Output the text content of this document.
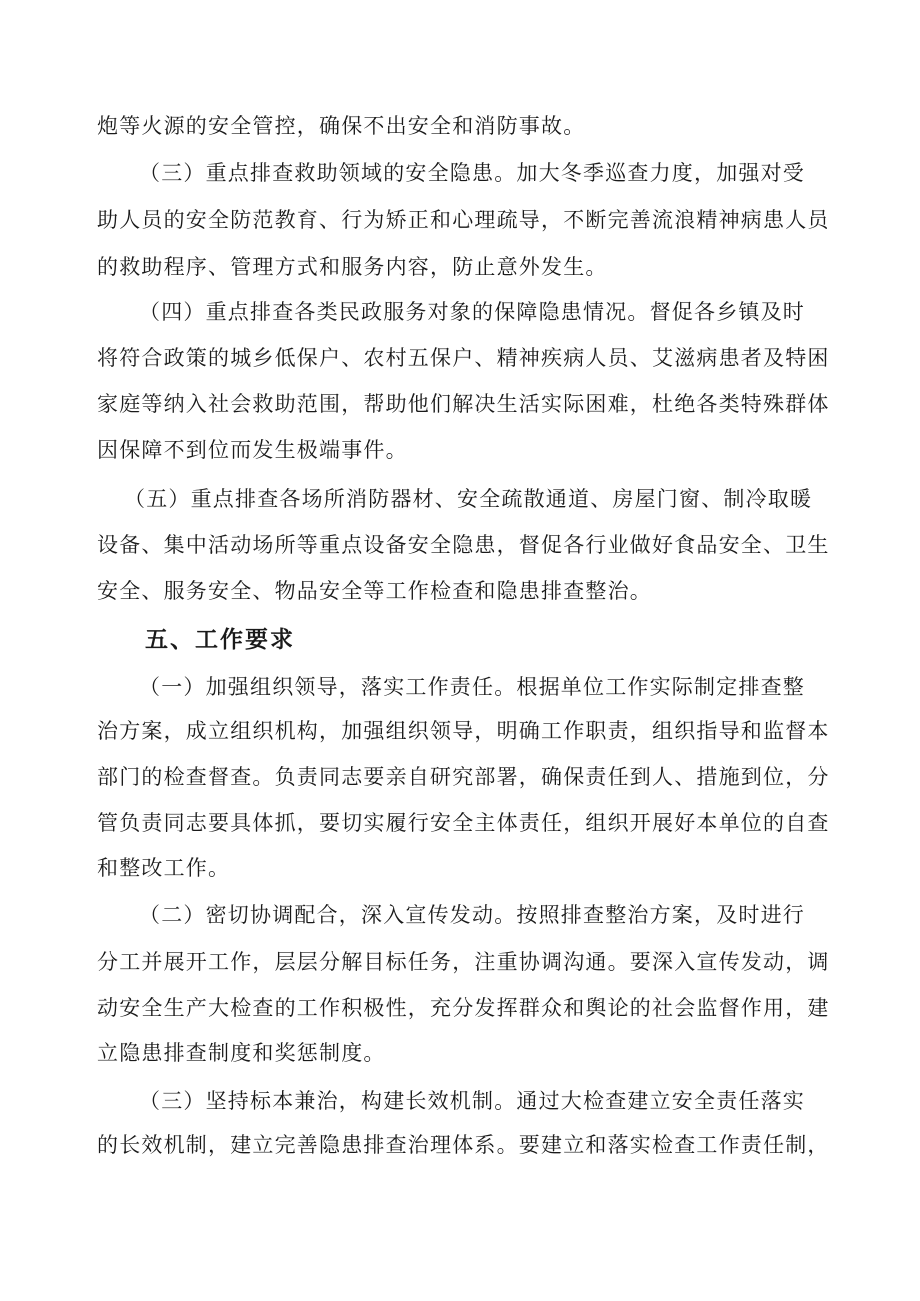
炮等火源的安全管控，确保不出安全和消防事故。
（三）重点排查救助领域的安全隐患。加大冬季巡查力度，加强对受
助人员的安全防范教育、行为矫正和心理疏导，不断完善流浪精神病患人员
的救助程序、管理方式和服务内容，防止意外发生。
（四）重点排查各类民政服务对象的保障隐患情况。督促各乡镇及时
将符合政策的城乡低保户、农村五保户、精神疾病人员、艾滋病患者及特困
家庭等纳入社会救助范围，帮助他们解决生活实际困难，杜绝各类特殊群体
因保障不到位而发生极端事件。
（五）重点排查各场所消防器材、安全疏散通道、房屋门窗、制冷取暖
设备、集中活动场所等重点设备安全隐患，督促各行业做好食品安全、卫生
安全、服务安全、物品安全等工作检查和隐患排查整治。
五、工作要求
（一）加强组织领导，落实工作责任。根据单位工作实际制定排查整
治方案，成立组织机构，加强组织领导，明确工作职责，组织指导和监督本
部门的检查督查。负责同志要亲自研究部署，确保责任到人、措施到位，分
管负责同志要具体抓，要切实履行安全主体责任，组织开展好本单位的自查
和整改工作。
（二）密切协调配合，深入宣传发动。按照排查整治方案，及时进行
分工并展开工作，层层分解目标任务，注重协调沟通。要深入宣传发动，调
动安全生产大检查的工作积极性，充分发挥群众和舆论的社会监督作用，建
立隐患排查制度和奖惩制度。
（三）坚持标本兼治，构建长效机制。通过大检查建立安全责任落实
的长效机制，建立完善隐患排查治理体系。要建立和落实检查工作责任制，
